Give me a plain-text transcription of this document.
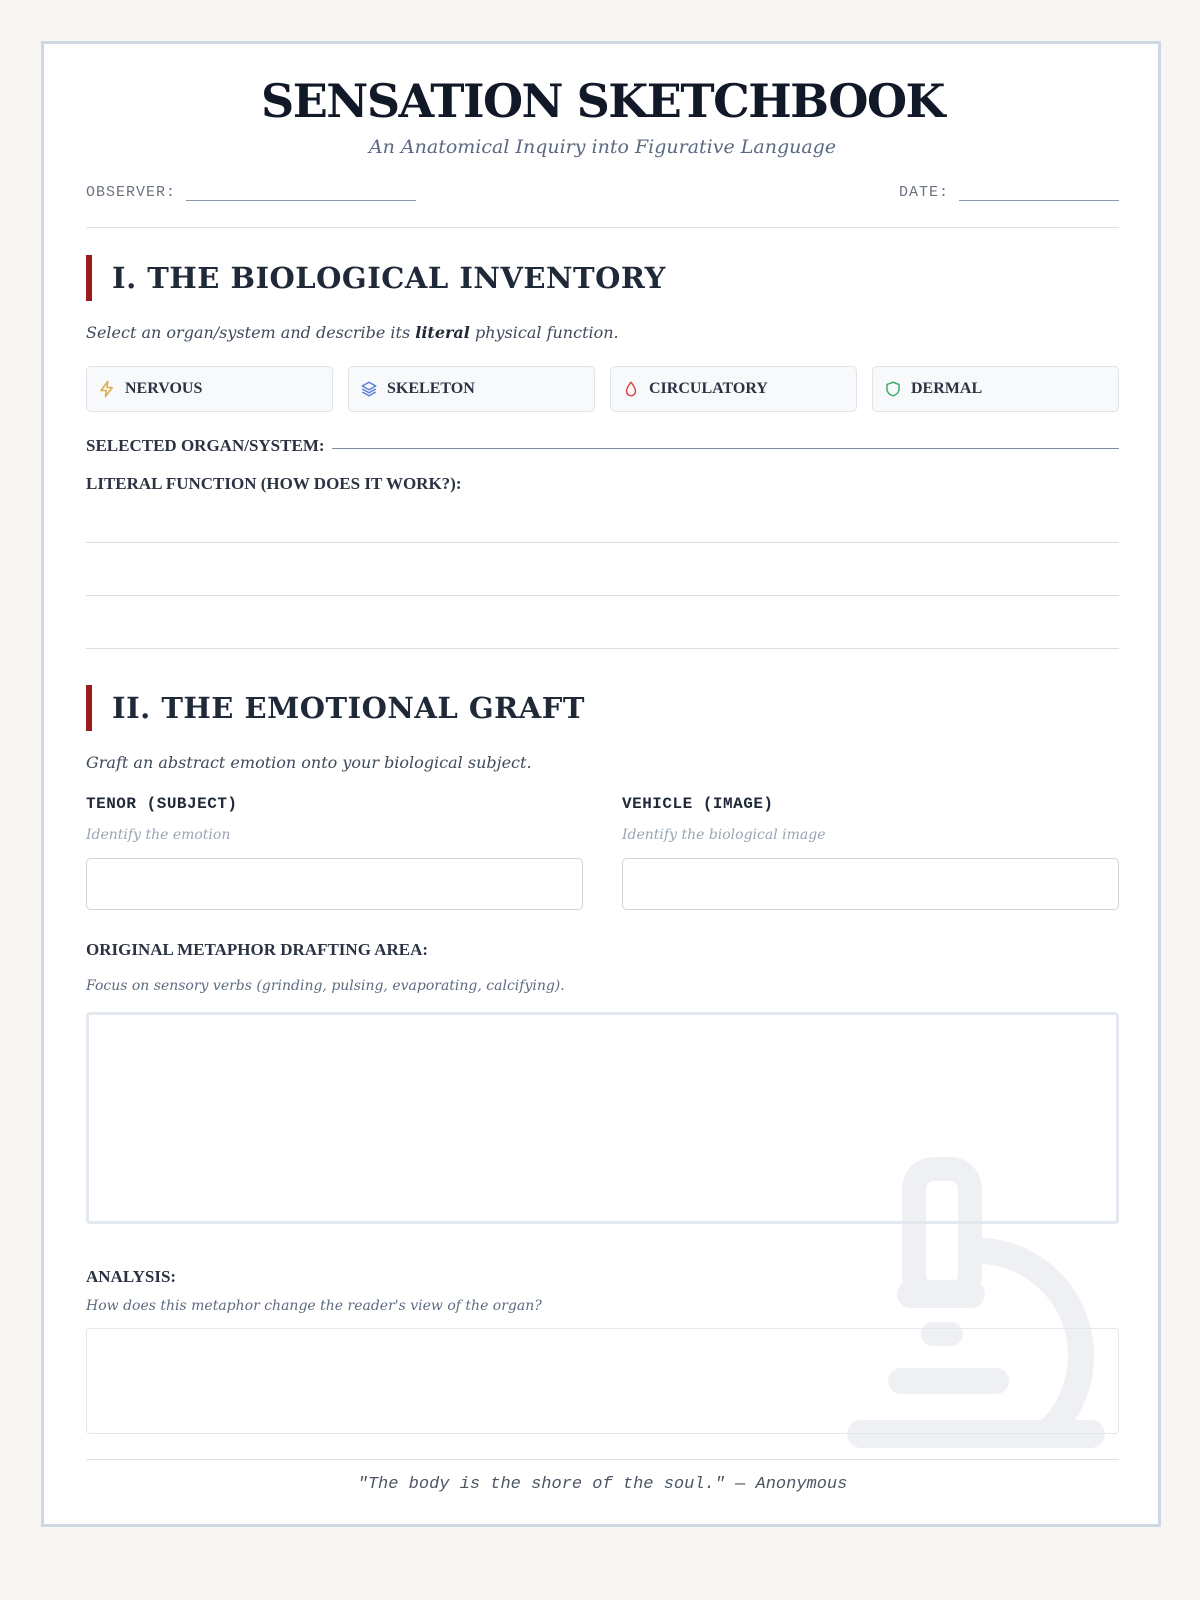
SENSATION SKETCHBOOK
An Anatomical Inquiry into Figurative Language
OBSERVER:	DATE:
I. THE BIOLOGICAL INVENTORY
Select an organ/system and describe its literal physical function.
NERVOUS	SKELETON	CIRCULATORY	DERMAL
SELECTED ORGAN/SYSTEM:
LITERAL FUNCTION (HOW DOES IT WORK?):
II. THE EMOTIONAL GRAFT
Graft an abstract emotion onto your biological subject.
TENOR (SUBJECT)
Identify the emotion
VEHICLE (IMAGE)
Identify the biological image
ORIGINAL METAPHOR DRAFTING AREA:
Focus on sensory verbs (grinding, pulsing, evaporating, calcifying).
ANALYSIS:
How does this metaphor change the reader's view of the organ?
"The body is the shore of the soul." — Anonymous
